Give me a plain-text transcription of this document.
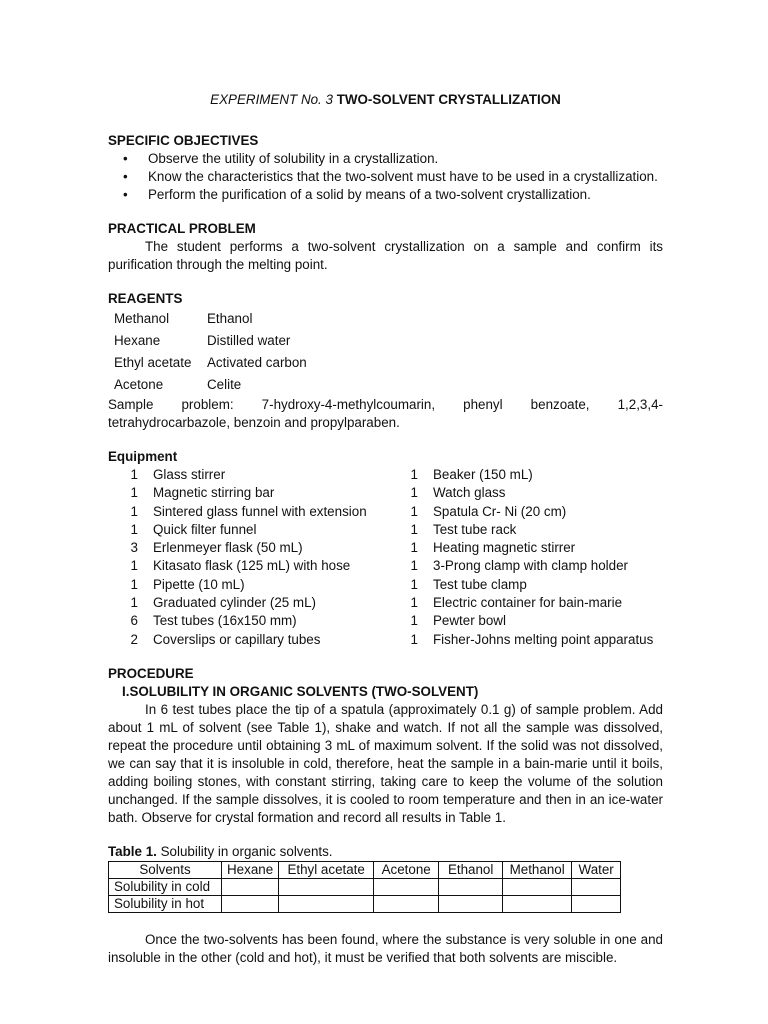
EXPERIMENT No. 3 TWO-SOLVENT CRYSTALLIZATION
SPECIFIC OBJECTIVES
• Observe the utility of solubility in a crystallization.
• Know the characteristics that the two-solvent must have to be used in a crystallization.
• Perform the purification of a solid by means of a two-solvent crystallization.
PRACTICAL PROBLEM

The student performs a two-solvent crystallization on a sample and confirm its purification through the melting point.

REAGENTS
Methanol	Ethanol
Hexane	Distilled water
Ethyl acetate	Activated carbon
Acetone	Celite

Sample problem: 7-hydroxy-4-methylcoumarin, phenyl benzoate, 1,2,3,4-tetrahydrocarbazole, benzoin and propylparaben.

Equipment
1 Glass stirrer
1 Magnetic stirring bar
1 Sintered glass funnel with extension
1 Quick filter funnel
3 Erlenmeyer flask (50 mL)
1 Kitasato flask (125 mL) with hose
1 Pipette (10 mL)
1 Graduated cylinder (25 mL)
6 Test tubes (16x150 mm)
2 Coverslips or capillary tubes
1 Beaker (150 mL)
1 Watch glass
1 Spatula Cr- Ni (20 cm)
1 Test tube rack
1 Heating magnetic stirrer
1 3-Prong clamp with clamp holder
1 Test tube clamp
1 Electric container for bain-marie
1 Pewter bowl
1 Fisher-Johns melting point apparatus
PROCEDURE
I.SOLUBILITY IN ORGANIC SOLVENTS (TWO-SOLVENT)

In 6 test tubes place the tip of a spatula (approximately 0.1 g) of sample problem. Add about 1 mL of solvent (see Table 1), shake and watch. If not all the sample was dissolved, repeat the procedure until obtaining 3 mL of maximum solvent. If the solid was not dissolved, we can say that it is insoluble in cold, therefore, heat the sample in a bain-marie until it boils, adding boiling stones, with constant stirring, taking care to keep the volume of the solution unchanged. If the sample dissolves, it is cooled to room temperature and then in an ice-water bath. Observe for crystal formation and record all results in Table 1.

Table 1. Solubility in organic solvents.

Solvents	Hexane	Ethyl acetate	Acetone	Ethanol	Methanol	Water
Solubility in cold						
Solubility in hot						

Once the two-solvents has been found, where the substance is very soluble in one and insoluble in the other (cold and hot), it must be verified that both solvents are miscible.
